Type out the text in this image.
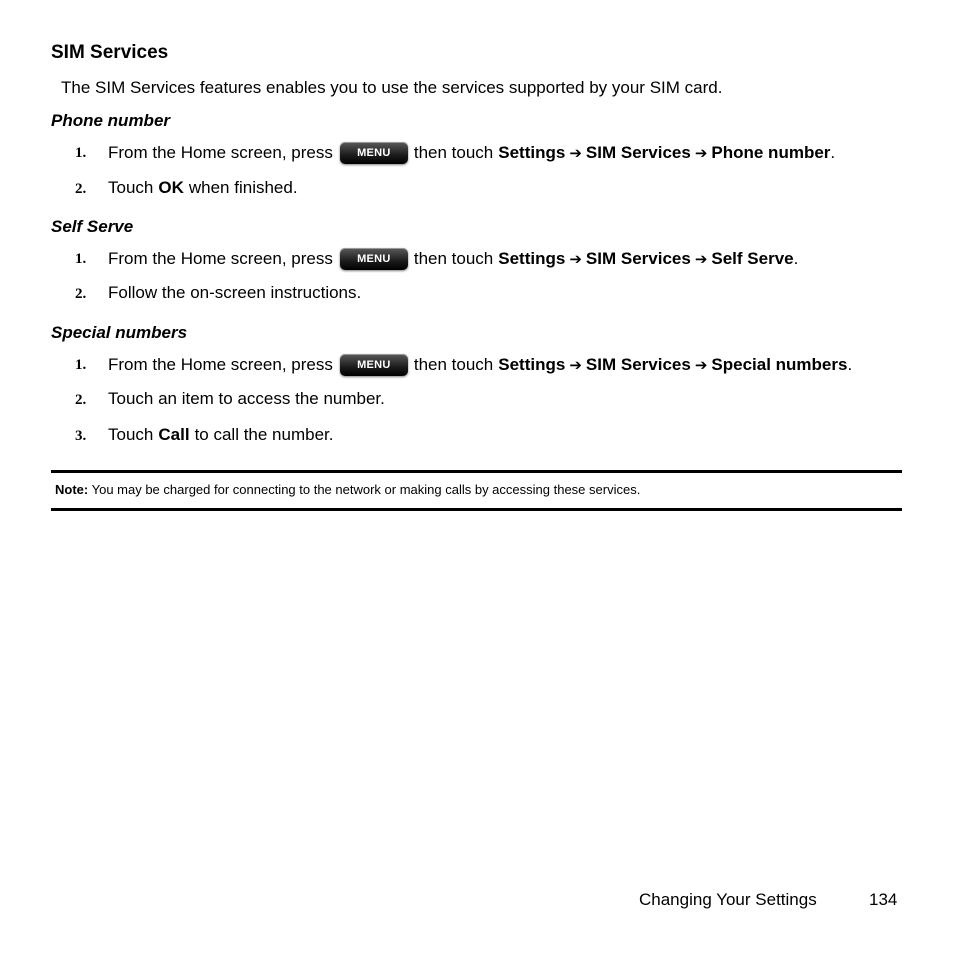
SIM Services
The SIM Services features enables you to use the services supported by your SIM card.
Phone number
1. From the Home screen, press	MENU	then touch Settings ➔ SIM Services ➔ Phone number .
2. Touch OK when finished.
Self Serve
1. From the Home screen, press	MENU	then touch Settings ➔ SIM Services ➔ Self Serve .
2. Follow the on-screen instructions.
Special numbers
1. From the Home screen, press	MENU	then touch Settings ➔ SIM Services ➔ Special numbers .
2. Touch an item to access the number.
3. Touch Call to call the number.
Note: You may be charged for connecting to the network or making calls by accessing these services.
Changing Your Settings	134
